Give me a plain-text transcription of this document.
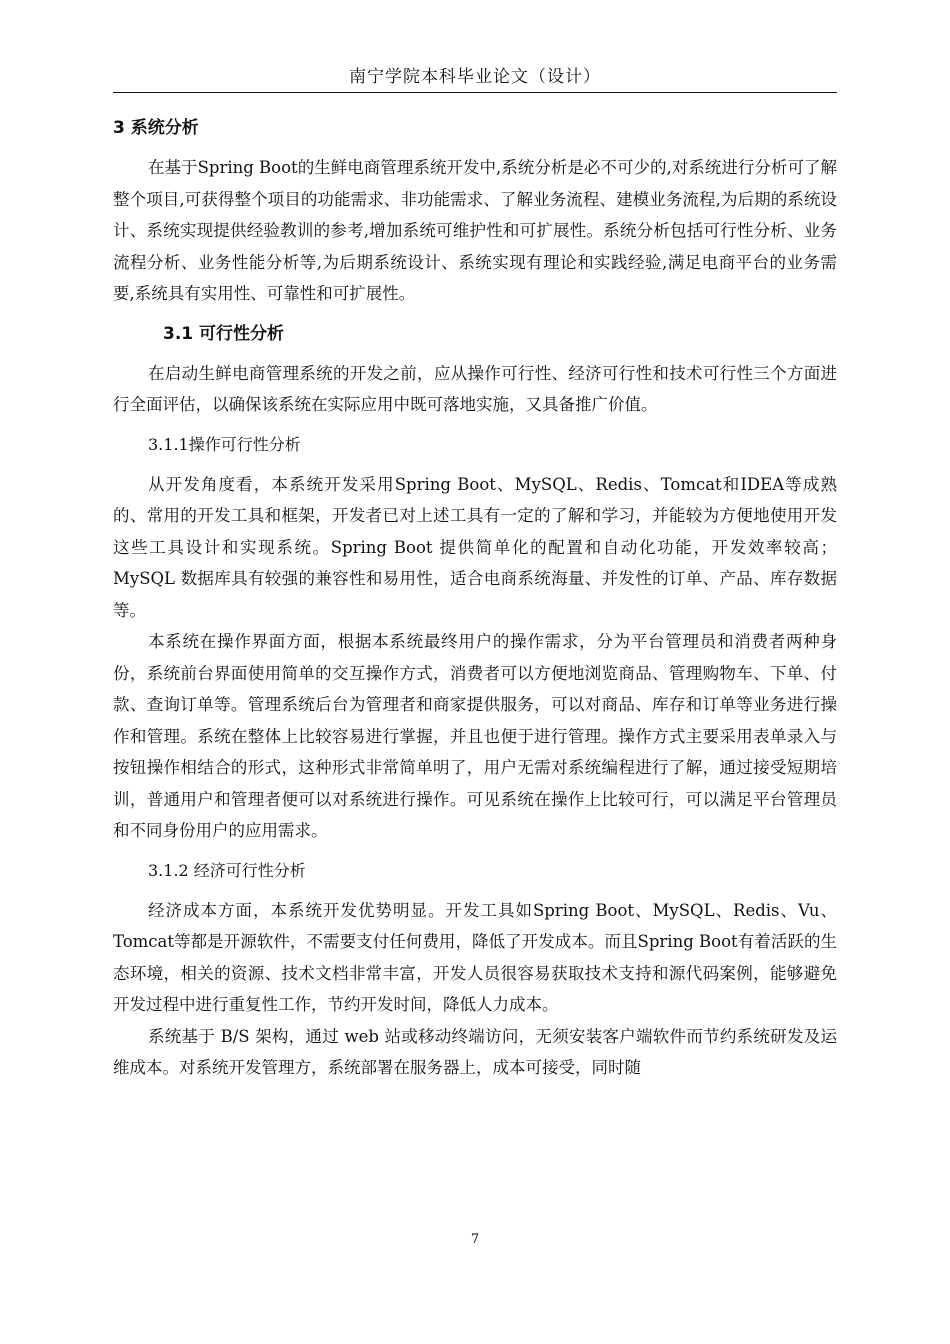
南宁学院本科毕业论文（设计）
3 系统分析

在基于Spring Boot的生鲜电商管理系统开发中,系统分析是必不可少的,对系统进行分析可了解整个项目,可获得整个项目的功能需求、非功能需求、了解业务流程、建模业务流程,为后期的系统设计、系统实现提供经验教训的参考,增加系统可维护性和可扩展性。系统分析包括可行性分析、业务流程分析、业务性能分析等,为后期系统设计、系统实现有理论和实践经验,满足电商平台的业务需要,系统具有实用性、可靠性和可扩展性。

3.1 可行性分析

在启动生鲜电商管理系统的开发之前，应从操作可行性、经济可行性和技术可行性三个方面进行全面评估，以确保该系统在实际应用中既可落地实施，又具备推广价值。

3.1.1操作可行性分析

从开发角度看，本系统开发采用Spring Boot、MySQL、Redis、Tomcat和IDEA等成熟的、常用的开发工具和框架，开发者已对上述工具有一定的了解和学习，并能较为方便地使用开发这些工具设计和实现系统。Spring Boot 提供简单化的配置和自动化功能，开发效率较高；MySQL 数据库具有较强的兼容性和易用性，适合电商系统海量、并发性的订单、产品、库存数据等。

本系统在操作界面方面，根据本系统最终用户的操作需求，分为平台管理员和消费者两种身份，系统前台界面使用简单的交互操作方式，消费者可以方便地浏览商品、管理购物车、下单、付款、查询订单等。管理系统后台为管理者和商家提供服务，可以对商品、库存和订单等业务进行操作和管理。系统在整体上比较容易进行掌握，并且也便于进行管理。操作方式主要采用表单录入与按钮操作相结合的形式，这种形式非常简单明了，用户无需对系统编程进行了解，通过接受短期培训，普通用户和管理者便可以对系统进行操作。可见系统在操作上比较可行，可以满足平台管理员和不同身份用户的应用需求。

3.1.2 经济可行性分析

经济成本方面，本系统开发优势明显。开发工具如Spring Boot、MySQL、Redis、Vu、Tomcat等都是开源软件，不需要支付任何费用，降低了开发成本。而且Spring Boot有着活跃的生态环境，相关的资源、技术文档非常丰富，开发人员很容易获取技术支持和源代码案例，能够避免开发过程中进行重复性工作，节约开发时间，降低人力成本。

系统基于 B/S 架构，通过 web 站或移动终端访问，无须安装客户端软件而节约系统研发及运维成本。对系统开发管理方，系统部署在服务器上，成本可接受，同时随

7
